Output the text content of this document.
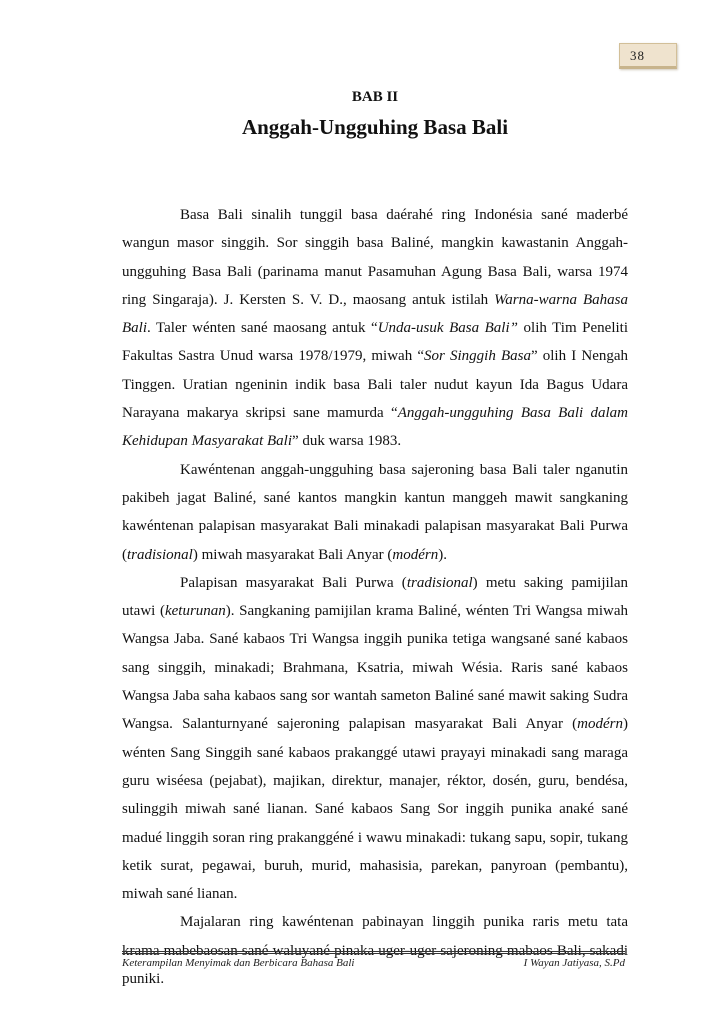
38
BAB II
Anggah-Ungguhing Basa Bali

Basa Bali sinalih tunggil basa daérahé ring Indonésia sané maderbé wangun masor singgih. Sor singgih basa Baliné, mangkin kawastanin Anggah-ungguhing Basa Bali (parinama manut Pasamuhan Agung Basa Bali, warsa 1974 ring Singaraja). J. Kersten S. V. D., maosang antuk istilah Warna-warna Bahasa Bali. Taler wénten sané maosang antuk “Unda-usuk Basa Bali” olih Tim Peneliti Fakultas Sastra Unud warsa 1978/1979, miwah “Sor Singgih Basa” olih I Nengah Tinggen. Uratian ngeninin indik basa Bali taler nudut kayun Ida Bagus Udara Narayana makarya skripsi sane mamurda “Anggah-ungguhing Basa Bali dalam Kehidupan Masyarakat Bali” duk warsa 1983.

Kawéntenan anggah-ungguhing basa sajeroning basa Bali taler nganutin pakibeh jagat Baliné, sané kantos mangkin kantun manggeh mawit sangkaning kawéntenan palapisan masyarakat Bali minakadi palapisan masyarakat Bali Purwa (tradisional) miwah masyarakat Bali Anyar (modérn).

Palapisan masyarakat Bali Purwa (tradisional) metu saking pamijilan utawi (keturunan). Sangkaning pamijilan krama Baliné, wénten Tri Wangsa miwah Wangsa Jaba. Sané kabaos Tri Wangsa inggih punika tetiga wangsané sané kabaos sang singgih, minakadi; Brahmana, Ksatria, miwah Wésia. Raris sané kabaos Wangsa Jaba saha kabaos sang sor wantah sameton Baliné sané mawit saking Sudra Wangsa. Salanturnyané sajeroning palapisan masyarakat Bali Anyar (modérn) wénten Sang Singgih sané kabaos prakanggé utawi prayayi minakadi sang maraga guru wiséesa (pejabat), majikan, direktur, manajer, réktor, dosén, guru, bendésa, sulinggih miwah sané lianan. Sané kabaos Sang Sor inggih punika anaké sané madué linggih soran ring prakanggéné i wawu minakadi: tukang sapu, sopir, tukang ketik surat, pegawai, buruh, murid, mahasisia, parekan, panyroan (pembantu), miwah sané lianan.

Majalaran ring kawéntenan pabinayan linggih punika raris metu tata krama mabebaosan sané waluyané pinaka uger-uger sajeroning mabaos Bali, sakadi puniki.

Keterampilan Menyimak dan Berbicara Bahasa Bali	I Wayan Jatiyasa, S.Pd
